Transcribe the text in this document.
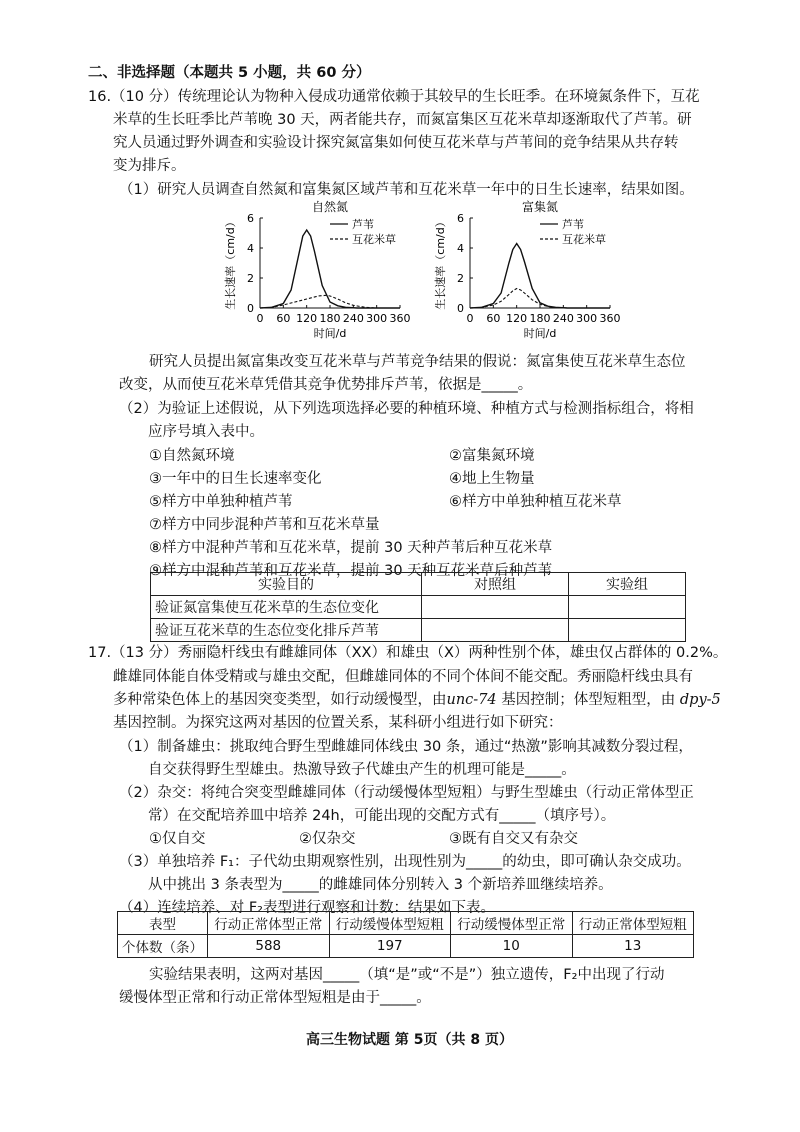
二、非选择题（本题共 5 小题，共 60 分）
16.（10 分）传统理论认为物种入侵成功通常依赖于其较早的生长旺季。在环境氮条件下，互花
米草的生长旺季比芦苇晚 30 天，两者能共存，而氮富集区互花米草却逐渐取代了芦苇。研
究人员通过野外调查和实验设计探究氮富集如何使互花米草与芦苇间的竞争结果从共存转
变为排斥。
（1）研究人员调查自然氮和富集氮区域芦苇和互花米草一年中的日生长速率，结果如图。
自然氮
0
2
4
6
0 60 120 180 240 300 360
时间/d
生长速率（cm/d）	芦苇
互花米草
富集氮
0
2
4
6
0 60 120 180 240 300 360
时间/d
生长速率（cm/d）	芦苇
互花米草
研究人员提出氮富集改变互花米草与芦苇竞争结果的假说：氮富集使互花米草生态位
改变，从而使互花米草凭借其竞争优势排斥芦苇，依据是_____。
（2）为验证上述假说，从下列选项选择必要的种植环境、种植方式与检测指标组合，将相
应序号填入表中。
①自然氮环境	②富集氮环境
③一年中的日生长速率变化	④地上生物量
⑤样方中单独种植芦苇	⑥样方中单独种植互花米草
⑦样方中同步混种芦苇和互花米草量
⑧样方中混种芦苇和互花米草，提前 30 天种芦苇后种互花米草
⑨样方中混种芦苇和互花米草，提前 30 天种互花米草后种芦苇
实验目的	对照组	实验组
验证氮富集使互花米草的生态位变化		
验证互花米草的生态位变化排斥芦苇		
17.（13 分）秀丽隐杆线虫有雌雄同体（XX）和雄虫（X）两种性别个体，雄虫仅占群体的 0.2%。
雌雄同体能自体受精或与雄虫交配，但雌雄同体的不同个体间不能交配。秀丽隐杆线虫具有
多种常染色体上的基因突变类型，如行动缓慢型，由unc-74 基因控制；体型短粗型，由 dpy-5
基因控制。为探究这两对基因的位置关系，某科研小组进行如下研究：
（1）制备雄虫：挑取纯合野生型雌雄同体线虫 30 条，通过“热激”影响其减数分裂过程，
自交获得野生型雄虫。热激导致子代雄虫产生的机理可能是_____。
（2）杂交：将纯合突变型雌雄同体（行动缓慢体型短粗）与野生型雄虫（行动正常体型正
常）在交配培养皿中培养 24h，可能出现的交配方式有_____（填序号）。
①仅自交	②仅杂交	③既有自交又有杂交
（3）单独培养 F₁：子代幼虫期观察性别，出现性别为_____的幼虫，即可确认杂交成功。
从中挑出 3 条表型为_____的雌雄同体分别转入 3 个新培养皿继续培养。
（4）连续培养、对 F₂表型进行观察和计数：结果如下表。
表型	行动正常体型正常	行动缓慢体型短粗	行动缓慢体型正常	行动正常体型短粗
个体数（条）	588	197	10	13
实验结果表明，这两对基因_____（填“是”或“不是”）独立遗传，F₂中出现了行动
缓慢体型正常和行动正常体型短粗是由于_____。
高三生物试题 第 5页（共 8 页）
